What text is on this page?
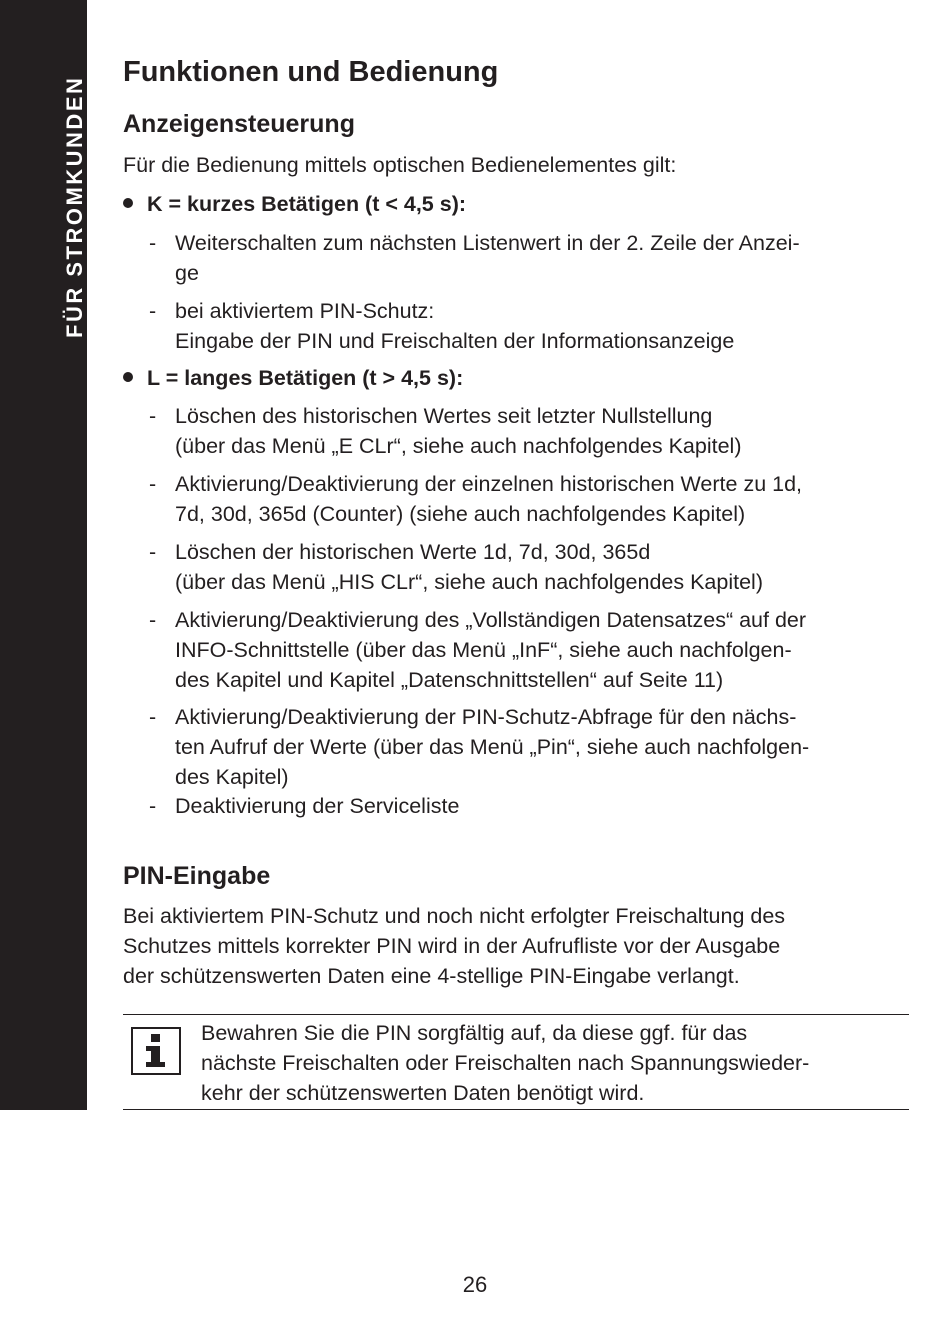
FÜR STROMKUNDEN
Funktionen und Bedienung
Anzeigensteuerung

Für die Bedienung mittels optischen Bedienelementes gilt:

K = kurzes Betätigen (t < 4,5 s):
- Weiterschalten zum nächsten Listenwert in der 2. Zeile der Anzei-
ge
- bei aktiviertem PIN-Schutz:
Eingabe der PIN und Freischalten der Informationsanzeige
L = langes Betätigen (t > 4,5 s):
- Löschen des historischen Wertes seit letzter Nullstellung
(über das Menü „E CLr“, siehe auch nachfolgendes Kapitel)
- Aktivierung/Deaktivierung der einzelnen historischen Werte zu 1d,
7d, 30d, 365d (Counter) (siehe auch nachfolgendes Kapitel)
- Löschen der historischen Werte 1d, 7d, 30d, 365d
(über das Menü „HIS CLr“, siehe auch nachfolgendes Kapitel)
- Aktivierung/Deaktivierung des „Vollständigen Datensatzes“ auf der
INFO-Schnittstelle (über das Menü „InF“, siehe auch nachfolgen-
des Kapitel und Kapitel „Datenschnittstellen“ auf Seite 11)
- Aktivierung/Deaktivierung der PIN-Schutz-Abfrage für den nächs-
ten Aufruf der Werte (über das Menü „Pin“, siehe auch nachfolgen-
des Kapitel)
- Deaktivierung der Serviceliste
PIN-Eingabe

Bei aktiviertem PIN-Schutz und noch nicht erfolgter Freischaltung des
Schutzes mittels korrekter PIN wird in der Aufrufliste vor der Ausgabe
der schützenswerten Daten eine 4-stellige PIN-Eingabe verlangt.

Bewahren Sie die PIN sorgfältig auf, da diese ggf. für das
nächste Freischalten oder Freischalten nach Spannungswieder-
kehr der schützenswerten Daten benötigt wird.
26
